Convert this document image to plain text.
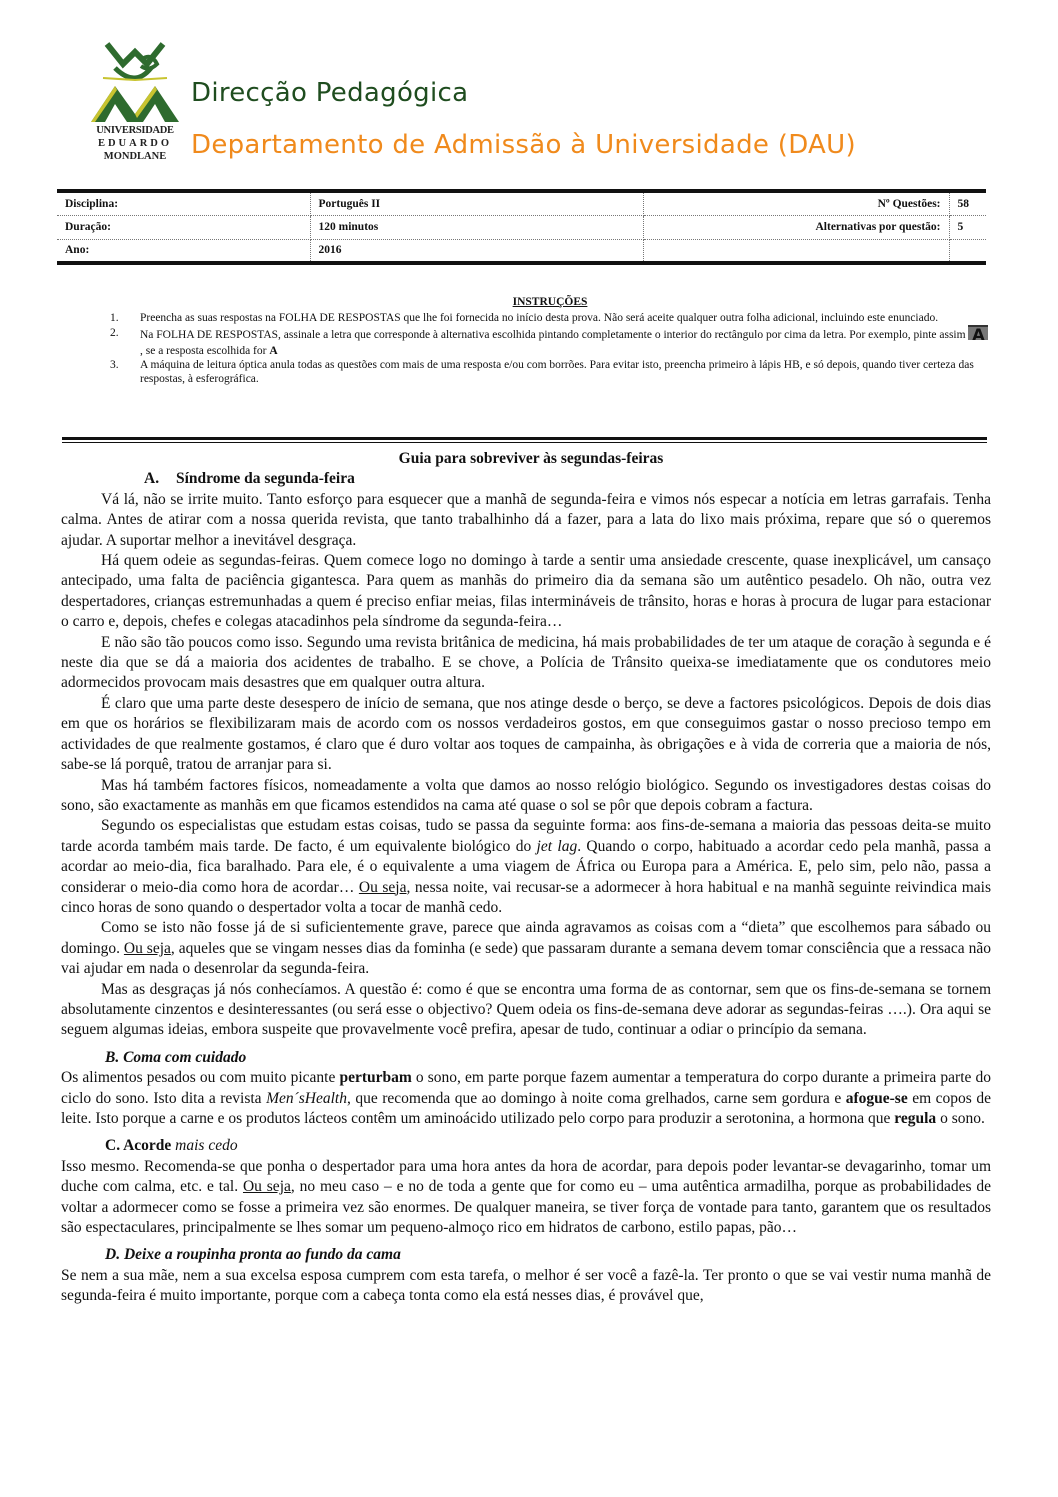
UNIVERSIDADE
EDUARDO
MONDLANE
Direcção Pedagógica
Departamento de Admissão à Universidade (DAU)
Disciplina:	Português II	Nº Questões:	58
Duração:	120 minutos	Alternativas por questão:	5
Ano:	2016		
INSTRUÇÕES
1. Preencha as suas respostas na FOLHA DE RESPOSTAS que lhe foi fornecida no início desta prova. Não será aceite qualquer outra folha adicional, incluindo este enunciado.
2. Na FOLHA DE RESPOSTAS, assinale a letra que corresponde à alternativa escolhida pintando completamente o interior do rectângulo por cima da letra. Por exemplo, pinte assim A, se a resposta escolhida for A
3. A máquina de leitura óptica anula todas as questões com mais de uma resposta e/ou com borrões. Para evitar isto, preencha primeiro à lápis HB, e só depois, quando tiver certeza das respostas, à esferográfica.
Guia para sobreviver às segundas-feiras
A. Síndrome da segunda-feira

Vá lá, não se irrite muito. Tanto esforço para esquecer que a manhã de segunda-feira e vimos nós especar a notícia em letras garrafais. Tenha calma. Antes de atirar com a nossa querida revista, que tanto trabalhinho dá a fazer, para a lata do lixo mais próxima, repare que só o queremos ajudar. A suportar melhor a inevitável desgraça.

Há quem odeie as segundas-feiras. Quem comece logo no domingo à tarde a sentir uma ansiedade crescente, quase inexplicável, um cansaço antecipado, uma falta de paciência gigantesca. Para quem as manhãs do primeiro dia da semana são um autêntico pesadelo. Oh não, outra vez despertadores, crianças estremunhadas a quem é preciso enfiar meias, filas intermináveis de trânsito, horas e horas à procura de lugar para estacionar o carro e, depois, chefes e colegas atacadinhos pela síndrome da segunda-feira…

E não são tão poucos como isso. Segundo uma revista britânica de medicina, há mais probabilidades de ter um ataque de coração à segunda e é neste dia que se dá a maioria dos acidentes de trabalho. E se chove, a Polícia de Trânsito queixa-se imediatamente que os condutores meio adormecidos provocam mais desastres que em qualquer outra altura.

É claro que uma parte deste desespero de início de semana, que nos atinge desde o berço, se deve a factores psicológicos. Depois de dois dias em que os horários se flexibilizaram mais de acordo com os nossos verdadeiros gostos, em que conseguimos gastar o nosso precioso tempo em actividades de que realmente gostamos, é claro que é duro voltar aos toques de campainha, às obrigações e à vida de correria que a maioria de nós, sabe-se lá porquê, tratou de arranjar para si.

Mas há também factores físicos, nomeadamente a volta que damos ao nosso relógio biológico. Segundo os investigadores destas coisas do sono, são exactamente as manhãs em que ficamos estendidos na cama até quase o sol se pôr que depois cobram a factura.

Segundo os especialistas que estudam estas coisas, tudo se passa da seguinte forma: aos fins-de-semana a maioria das pessoas deita-se muito tarde acorda também mais tarde. De facto, é um equivalente biológico do jet lag. Quando o corpo, habituado a acordar cedo pela manhã, passa a acordar ao meio-dia, fica baralhado. Para ele, é o equivalente a uma viagem de África ou Europa para a América. E, pelo sim, pelo não, passa a considerar o meio-dia como hora de acordar… Ou seja, nessa noite, vai recusar-se a adormecer à hora habitual e na manhã seguinte reivindica mais cinco horas de sono quando o despertador volta a tocar de manhã cedo.

Como se isto não fosse já de si suficientemente grave, parece que ainda agravamos as coisas com a “dieta” que escolhemos para sábado ou domingo. Ou seja, aqueles que se vingam nesses dias da fominha (e sede) que passaram durante a semana devem tomar consciência que a ressaca não vai ajudar em nada o desenrolar da segunda-feira.

Mas as desgraças já nós conhecíamos. A questão é: como é que se encontra uma forma de as contornar, sem que os fins-de-semana se tornem absolutamente cinzentos e desinteressantes (ou será esse o objectivo? Quem odeia os fins-de-semana deve adorar as segundas-feiras ….). Ora aqui se seguem algumas ideias, embora suspeite que provavelmente você prefira, apesar de tudo, continuar a odiar o princípio da semana.

B. Coma com cuidado

Os alimentos pesados ou com muito picante perturbam o sono, em parte porque fazem aumentar a temperatura do corpo durante a primeira parte do ciclo do sono. Isto dita a revista Men´sHealth, que recomenda que ao domingo à noite coma grelhados, carne sem gordura e afogue-se em copos de leite. Isto porque a carne e os produtos lácteos contêm um aminoácido utilizado pelo corpo para produzir a serotonina, a hormona que regula o sono.

C. Acorde mais cedo

Isso mesmo. Recomenda-se que ponha o despertador para uma hora antes da hora de acordar, para depois poder levantar-se devagarinho, tomar um duche com calma, etc. e tal. Ou seja, no meu caso – e no de toda a gente que for como eu – uma autêntica armadilha, porque as probabilidades de voltar a adormecer como se fosse a primeira vez são enormes. De qualquer maneira, se tiver força de vontade para tanto, garantem que os resultados são espectaculares, principalmente se lhes somar um pequeno-almoço rico em hidratos de carbono, estilo papas, pão…

D. Deixe a roupinha pronta ao fundo da cama

Se nem a sua mãe, nem a sua excelsa esposa cumprem com esta tarefa, o melhor é ser você a fazê-la. Ter pronto o que se vai vestir numa manhã de segunda-feira é muito importante, porque com a cabeça tonta como ela está nesses dias, é provável que,
